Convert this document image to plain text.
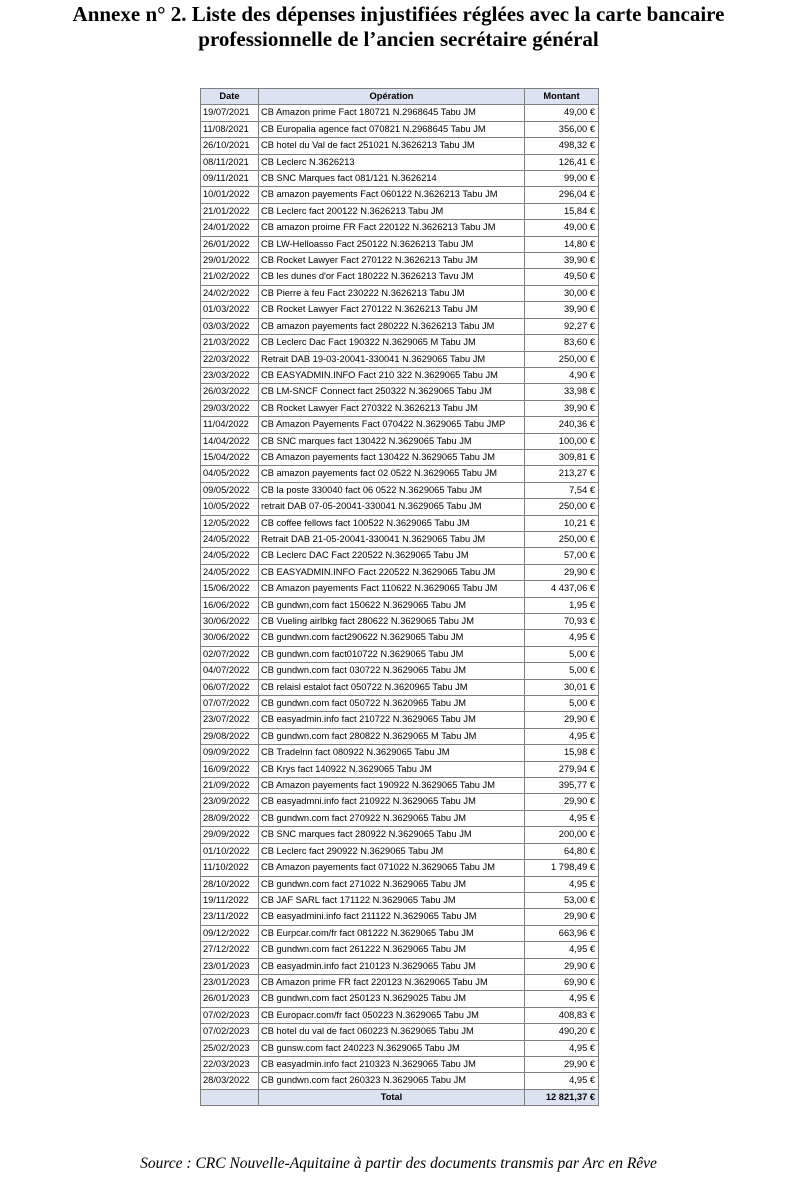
Annexe n° 2. Liste des dépenses injustifiées réglées avec la carte bancaire
professionnelle de l’ancien secrétaire général
Date	Opération	Montant
19/07/2021	CB Amazon prime Fact 180721 N.2968645 Tabu JM	49,00 €
11/08/2021	CB Europalia agence fact 070821 N.2968645 Tabu JM	356,00 €
26/10/2021	CB hotel du Val de fact 251021 N.3626213 Tabu JM	498,32 €
08/11/2021	CB Leclerc N.3626213	126,41 €
09/11/2021	CB SNC Marques fact 081/121 N.3626214	99,00 €
10/01/2022	CB amazon payements Fact 060122 N.3626213 Tabu JM	296,04 €
21/01/2022	CB Leclerc fact 200122 N.3626213 Tabu JM	15,84 €
24/01/2022	CB amazon proime FR Fact 220122 N.3626213 Tabu JM	49,00 €
26/01/2022	CB LW-Helloasso Fact 250122 N.3626213 Tabu JM	14,80 €
29/01/2022	CB Rocket Lawyer Fact 270122 N.3626213 Tabu JM	39,90 €
21/02/2022	CB les dunes d'or Fact 180222 N.3626213 Tavu JM	49,50 €
24/02/2022	CB Pierre à feu Fact 230222 N.3626213 Tabu JM	30,00 €
01/03/2022	CB Rocket Lawyer Fact 270122 N.3626213 Tabu JM	39,90 €
03/03/2022	CB amazon payements fact 280222 N.3626213 Tabu JM	92,27 €
21/03/2022	CB Leclerc Dac Fact 190322 N.3629065 M Tabu JM	83,60 €
22/03/2022	Retrait DAB 19-03-20041-330041 N.3629065 Tabu JM	250,00 €
23/03/2022	CB EASYADMIN.INFO Fact 210 322 N.3629065 Tabu JM	4,90 €
26/03/2022	CB LM-SNCF Connect fact 250322 N.3629065 Tabu JM	33,98 €
29/03/2022	CB Rocket Lawyer Fact 270322 N.3626213 Tabu JM	39,90 €
11/04/2022	CB Amazon Payements Fact 070422 N.3629065 Tabu JMP	240,36 €
14/04/2022	CB SNC marques fact 130422 N.3629065 Tabu JM	100,00 €
15/04/2022	CB Amazon payements fact 130422 N.3629065 Tabu JM	309,81 €
04/05/2022	CB amazon payements fact 02 0522 N.3629065 Tabu JM	213,27 €
09/05/2022	CB la poste 330040 fact 06 0522 N.3629065 Tabu JM	7,54 €
10/05/2022	retrait DAB 07-05-20041-330041 N.3629065 Tabu JM	250,00 €
12/05/2022	CB coffee fellows fact 100522 N.3629065 Tabu JM	10,21 €
24/05/2022	Retrait DAB 21-05-20041-330041 N.3629065 Tabu JM	250,00 €
24/05/2022	CB Leclerc DAC Fact 220522 N.3629065 Tabu JM	57,00 €
24/05/2022	CB EASYADMIN.INFO Fact 220522 N.3629065 Tabu JM	29,90 €
15/06/2022	CB Amazon payements Fact 110622 N.3629065 Tabu JM	4 437,06 €
16/06/2022	CB gundwn,com fact 150622 N.3629065 Tabu JM	1,95 €
30/06/2022	CB Vueling airlbkg fact 280622 N.3629065 Tabu JM	70,93 €
30/06/2022	CB gundwn.com fact290622 N.3629065 Tabu JM	4,95 €
02/07/2022	CB gundwn.com fact010722 N.3629065 Tabu JM	5,00 €
04/07/2022	CB gundwn.com fact 030722 N.3629065 Tabu JM	5,00 €
06/07/2022	CB relaisl estalot fact 050722 N.3620965 Tabu JM	30,01 €
07/07/2022	CB gundwn.com fact 050722 N.3620965 Tabu JM	5,00 €
23/07/2022	CB easyadmin.info fact 210722 N.3629065 Tabu JM	29,90 €
29/08/2022	CB gundwn.com fact 280822 N.3629065 M Tabu JM	4,95 €
09/09/2022	CB Tradelnn fact 080922 N.3629065 Tabu JM	15,98 €
16/09/2022	CB Krys fact 140922 N.3629065 Tabu JM	279,94 €
21/09/2022	CB Amazon payements fact 190922 N.3629065 Tabu JM	395,77 €
23/09/2022	CB easyadmni.info fact 210922 N.3629065 Tabu JM	29,90 €
28/09/2022	CB gundwn.com fact 270922 N.3629065 Tabu JM	4,95 €
29/09/2022	CB SNC marques fact 280922 N.3629065 Tabu JM	200,00 €
01/10/2022	CB Leclerc fact 290922 N.3629065 Tabu JM	64,80 €
11/10/2022	CB Amazon payements fact 071022 N.3629065 Tabu JM	1 798,49 €
28/10/2022	CB gundwn.com fact 271022 N.3629065 Tabu JM	4,95 €
19/11/2022	CB JAF SARL fact 171122 N.3629065 Tabu JM	53,00 €
23/11/2022	CB easyadmini.info fact 211122 N.3629065 Tabu JM	29,90 €
09/12/2022	CB Eurpcar.com/fr fact 081222 N.3629065 Tabu JM	663,96 €
27/12/2022	CB gundwn.com fact 261222 N.3629065 Tabu JM	4,95 €
23/01/2023	CB easyadmin.info fact 210123 N.3629065 Tabu JM	29,90 €
23/01/2023	CB Amazon prime FR fact 220123 N.3629065 Tabu JM	69,90 €
26/01/2023	CB gundwn.com fact 250123 N.3629025 Tabu JM	4,95 €
07/02/2023	CB Europacr.com/fr fact 050223 N.3629065 Tabu JM	408,83 €
07/02/2023	CB hotel du val de fact 060223 N.3629065 Tabu JM	490,20 €
25/02/2023	CB gunsw.com fact 240223 N.3629065 Tabu JM	4,95 €
22/03/2023	CB easyadmin.info fact 210323 N.3629065 Tabu JM	29,90 €
28/03/2022	CB gundwn.com fact 260323 N.3629065 Tabu JM	4,95 €
	Total	12 821,37 €
Source : CRC Nouvelle-Aquitaine à partir des documents transmis par Arc en Rêve
